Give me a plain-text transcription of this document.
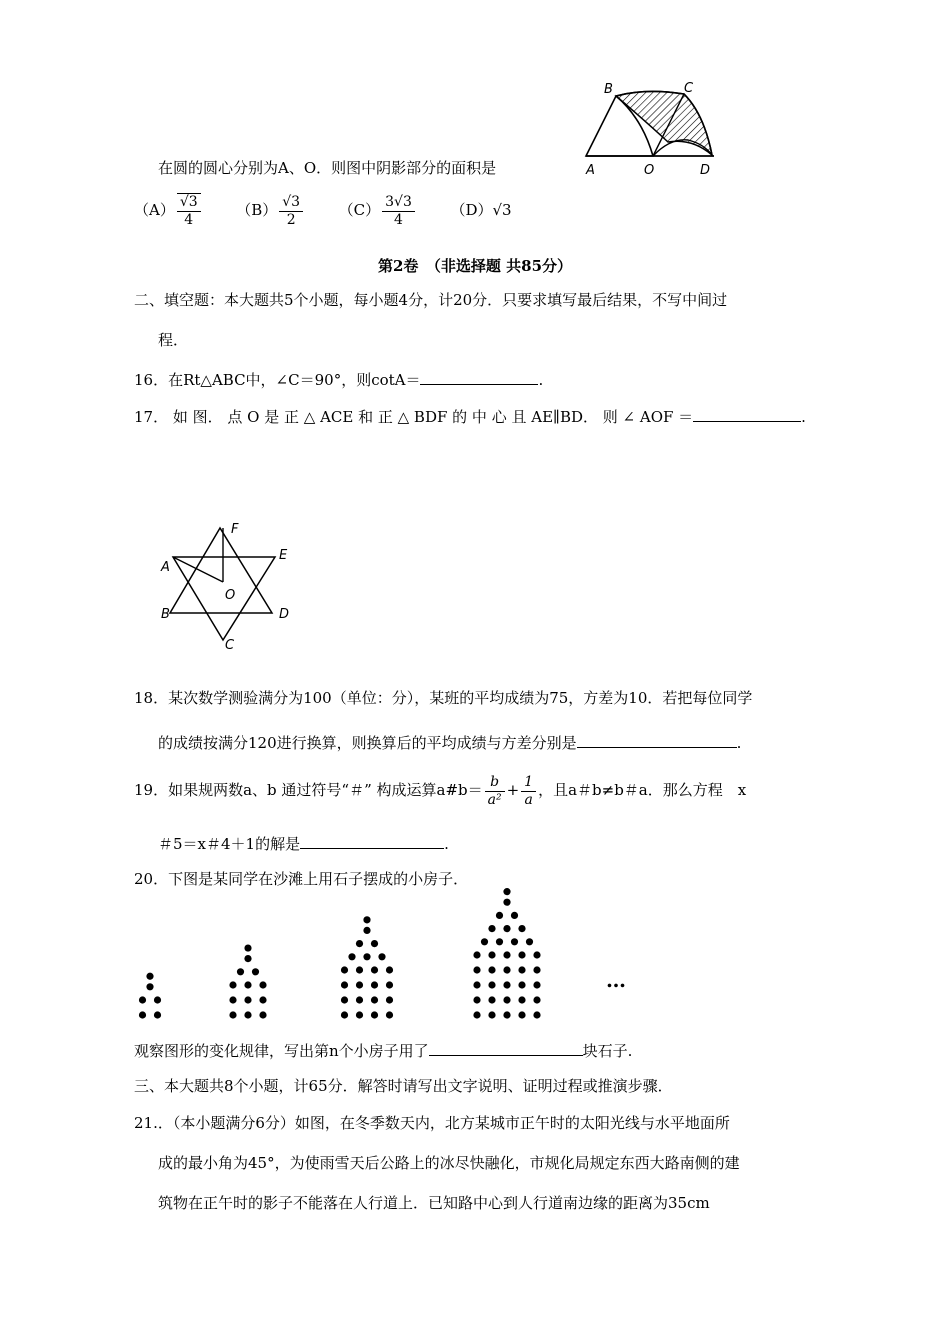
B	C
A	O	D
在圆的圆心分别为A、O．则图中阴影部分的面积是
$(A) \frac{√3}{4} (B) \frac{√3}{2} (C) \frac{3√3}{4} (D)√3$
第2卷　（非选择题 共85分）
二、填空题：本大题共5个小题，每小题4分，计20分．只要求填写最后结果，不写中间过
程．
16．在Rt△ABC中，∠C＝90°，则cotA＝	.
17． 如 图． 点 O 是 正 △ ACE 和 正 △ BDF 的 中 心 且 AE∥BD． 则 ∠ AOF ＝	.
F
E
A
O
B	D
C
18．某次数学测验满分为100（单位：分），某班的平均成绩为75，方差为10．若把每位同学
的成绩按满分120进行换算，则换算后的平均成绩与方差分别是	.
19．如果规两数a、b 通过符号“＃” 构成运算a#b＝ $\frac{b}{\text{a²}} + \frac{1}{a}$ ，且a＃b≠b＃a．那么方程　x
＃5＝x＃4＋1的解是	.
20．下图是某同学在沙滩上用石子摆成的小房子．
…
观察图形的变化规律，写出第n个小房子用了	块石子.
三、本大题共8个小题，计65分．解答时请写出文字说明、证明过程或推演步骤．
21.．（本小题满分6分）如图，在冬季数天内，北方某城市正午时的太阳光线与水平地面所
成的最小角为45°，为使雨雪天后公路上的冰尽快融化，市规化局规定东西大路南侧的建
筑物在正午时的影子不能落在人行道上．已知路中心到人行道南边缘的距离为35cm
